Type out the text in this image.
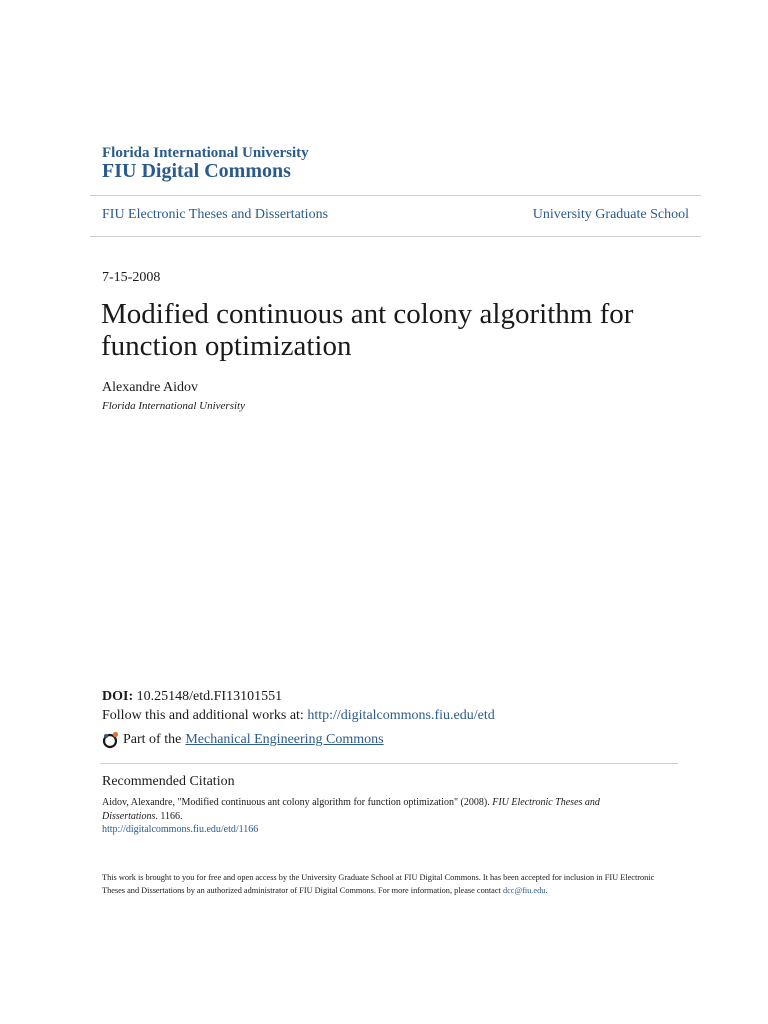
Florida International University
FIU Digital Commons
FIU Electronic Theses and Dissertations	University Graduate School
7-15-2008
Modified continuous ant colony algorithm for function optimization
Alexandre Aidov
Florida International University
DOI: 10.25148/etd.FI13101551
Follow this and additional works at: http://digitalcommons.fiu.edu/etd
Part of the Mechanical Engineering Commons
Recommended Citation
Aidov, Alexandre, "Modified continuous ant colony algorithm for function optimization" (2008). FIU Electronic Theses and Dissertations. 1166.
http://digitalcommons.fiu.edu/etd/1166
This work is brought to you for free and open access by the University Graduate School at FIU Digital Commons. It has been accepted for inclusion in FIU Electronic Theses and Dissertations by an authorized administrator of FIU Digital Commons. For more information, please contact dcc@fiu.edu.
